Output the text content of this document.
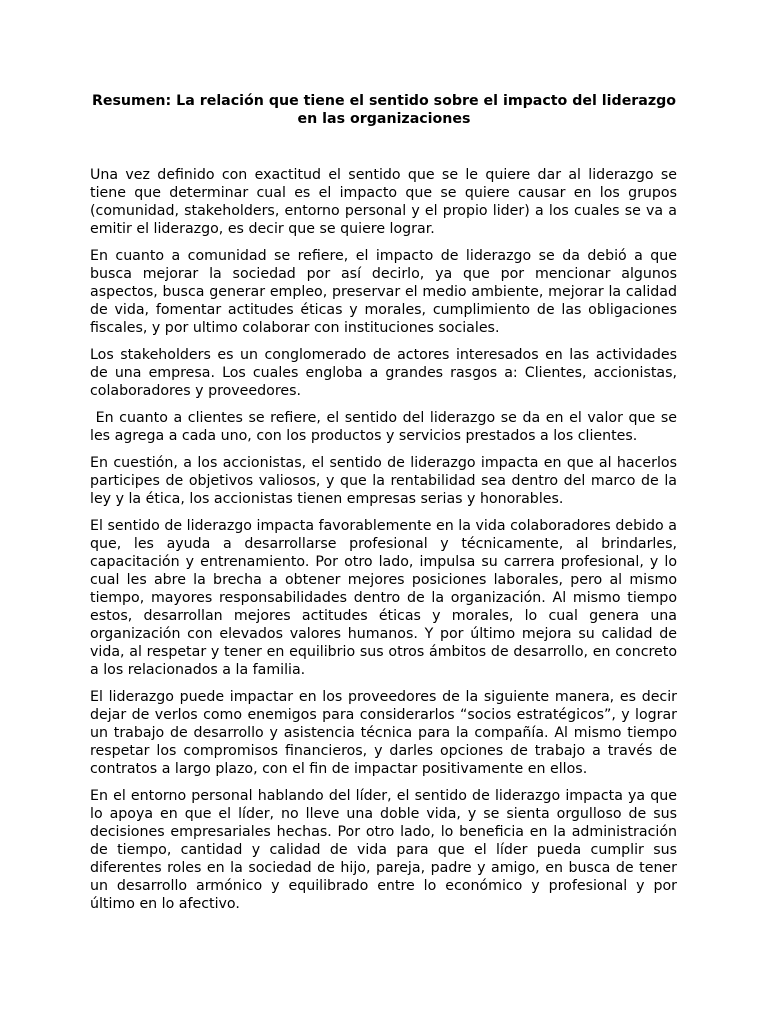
Resumen: La relación que tiene el sentido sobre el impacto del liderazgo en las organizaciones

Una vez definido con exactitud el sentido que se le quiere dar al liderazgo se tiene que determinar cual es el impacto que se quiere causar en los grupos (comunidad, stakeholders, entorno personal y el propio lider) a los cuales se va a emitir el liderazgo, es decir que se quiere lograr.

En cuanto a comunidad se refiere, el impacto de liderazgo se da debió a que busca mejorar la sociedad por así decirlo, ya que por mencionar algunos aspectos, busca generar empleo, preservar el medio ambiente, mejorar la calidad de vida, fomentar actitudes éticas y morales, cumplimiento de las obligaciones fiscales, y por ultimo colaborar con instituciones sociales.

Los stakeholders es un conglomerado de actores interesados en las actividades de una empresa. Los cuales engloba a grandes rasgos a: Clientes, accionistas, colaboradores y proveedores.

En cuanto a clientes se refiere, el sentido del liderazgo se da en el valor que se les agrega a cada uno, con los productos y servicios prestados a los clientes.

En cuestión, a los accionistas, el sentido de liderazgo impacta en que al hacerlos participes de objetivos valiosos, y que la rentabilidad sea dentro del marco de la ley y la ética, los accionistas tienen empresas serias y honorables.

El sentido de liderazgo impacta favorablemente en la vida colaboradores debido a que, les ayuda a desarrollarse profesional y técnicamente, al brindarles, capacitación y entrenamiento. Por otro lado, impulsa su carrera profesional, y lo cual les abre la brecha a obtener mejores posiciones laborales, pero al mismo tiempo, mayores responsabilidades dentro de la organización. Al mismo tiempo estos, desarrollan mejores actitudes éticas y morales, lo cual genera una organización con elevados valores humanos. Y por último mejora su calidad de vida, al respetar y tener en equilibrio sus otros ámbitos de desarrollo, en concreto a los relacionados a la familia.

El liderazgo puede impactar en los proveedores de la siguiente manera, es decir dejar de verlos como enemigos para considerarlos “socios estratégicos”, y lograr un trabajo de desarrollo y asistencia técnica para la compañía. Al mismo tiempo respetar los compromisos financieros, y darles opciones de trabajo a través de contratos a largo plazo, con el fin de impactar positivamente en ellos.

En el entorno personal hablando del líder, el sentido de liderazgo impacta ya que lo apoya en que el líder, no lleve una doble vida, y se sienta orgulloso de sus decisiones empresariales hechas. Por otro lado, lo beneficia en la administración de tiempo, cantidad y calidad de vida para que el líder pueda cumplir sus diferentes roles en la sociedad de hijo, pareja, padre y amigo, en busca de tener un desarrollo armónico y equilibrado entre lo económico y profesional y por último en lo afectivo.
